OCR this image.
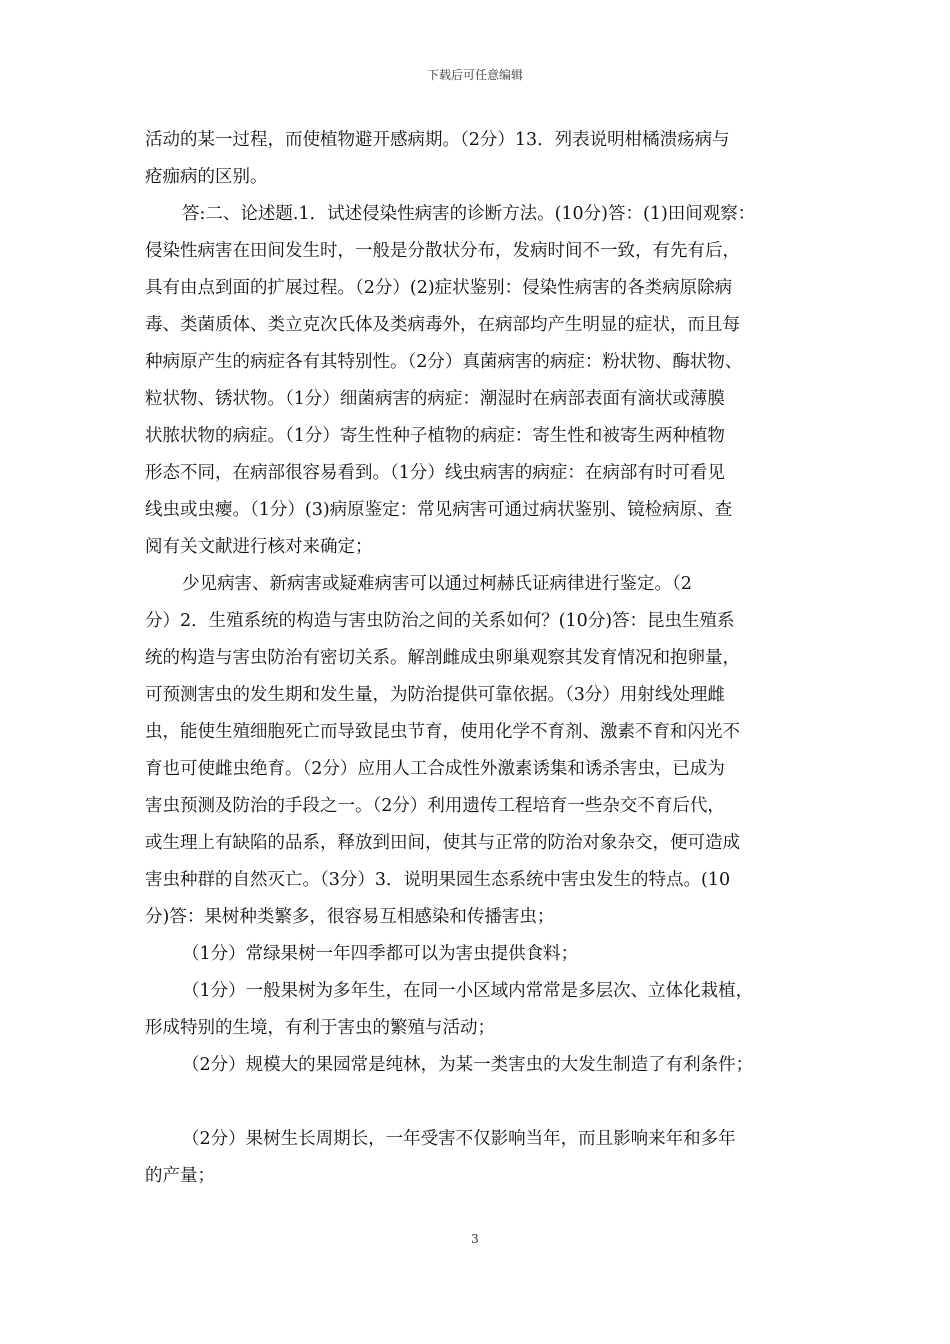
下载后可任意编辑
活动的某一过程，而使植物避开感病期。（2分）13．列表说明柑橘溃疡病与
疮痂病的区别。
答:二、论述题.1．试述侵染性病害的诊断方法。(10分)答：(1)田间观察：
侵染性病害在田间发生时，一般是分散状分布，发病时间不一致，有先有后，
具有由点到面的扩展过程。（2分）(2)症状鉴别：侵染性病害的各类病原除病
毒、类菌质体、类立克次氏体及类病毒外，在病部均产生明显的症状，而且每
种病原产生的病症各有其特别性。（2分）真菌病害的病症：粉状物、酶状物、
粒状物、锈状物。（1分）细菌病害的病症：潮湿时在病部表面有滴状或薄膜
状脓状物的病症。（1分）寄生性种子植物的病症：寄生性和被寄生两种植物
形态不同，在病部很容易看到。（1分）线虫病害的病症：在病部有时可看见
线虫或虫瘿。（1分）(3)病原鉴定：常见病害可通过病状鉴别、镜检病原、查
阅有关文献进行核对来确定；
少见病害、新病害或疑难病害可以通过柯赫氏证病律进行鉴定。（2
分）2．生殖系统的构造与害虫防治之间的关系如何？(10分)答：昆虫生殖系
统的构造与害虫防治有密切关系。解剖雌成虫卵巢观察其发育情况和抱卵量，
可预测害虫的发生期和发生量，为防治提供可靠依据。（3分）用射线处理雌
虫，能使生殖细胞死亡而导致昆虫节育，使用化学不育剂、激素不育和闪光不
育也可使雌虫绝育。（2分）应用人工合成性外激素诱集和诱杀害虫，已成为
害虫预测及防治的手段之一。（2分）利用遗传工程培育一些杂交不育后代，
或生理上有缺陷的品系，释放到田间，使其与正常的防治对象杂交，便可造成
害虫种群的自然灭亡。（3分）3．说明果园生态系统中害虫发生的特点。(10
分)答：果树种类繁多，很容易互相感染和传播害虫；
（1分）常绿果树一年四季都可以为害虫提供食料；
（1分）一般果树为多年生，在同一小区域内常常是多层次、立体化栽植，
形成特别的生境，有利于害虫的繁殖与活动；
（2分）规模大的果园常是纯林，为某一类害虫的大发生制造了有利条件；
（2分）果树生长周期长，一年受害不仅影响当年，而且影响来年和多年
的产量；
3
